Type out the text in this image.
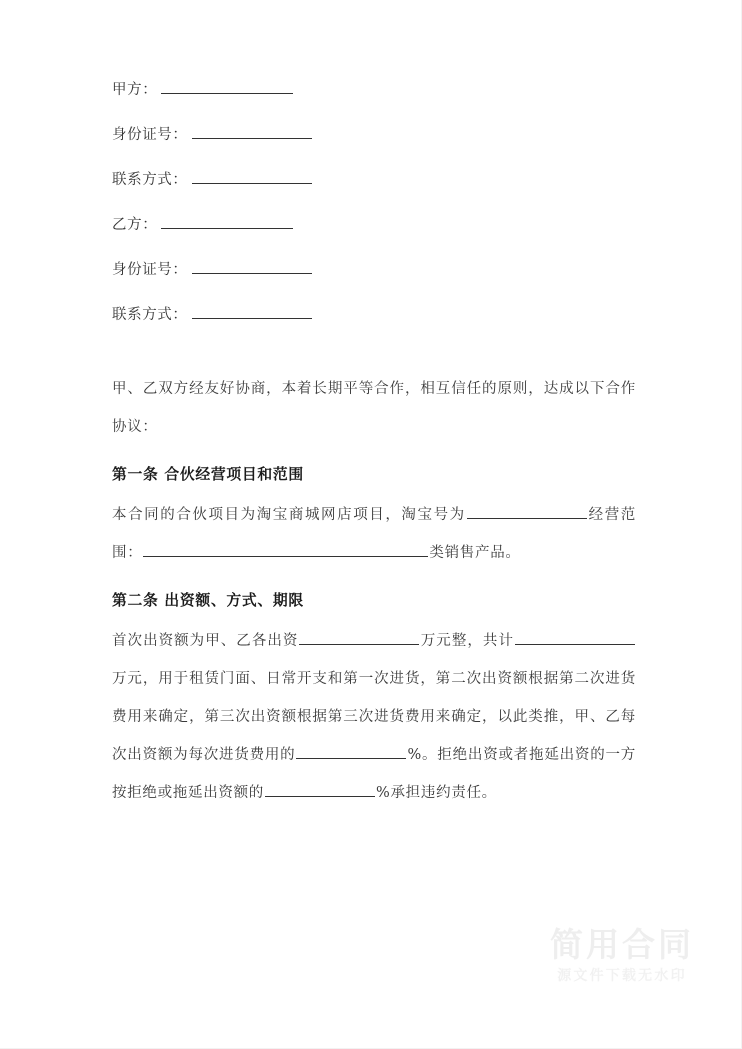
甲方：
身份证号：
联系方式：
乙方：
身份证号：
联系方式：

甲、乙双方经友好协商，本着长期平等合作，相互信任的原则，达成以下合作协议：

第一条 合伙经营项目和范围

本合同的合伙项目为淘宝商城网店项目，淘宝号为	经营范围：	类销售产品。

第二条 出资额、方式、期限

首次出资额为甲、乙各出资	万元整，共计万元，用于租赁门面、日常开支和第一次进货，第二次出资额根据第二次进货费用来确定，第三次出资额根据第三次进货费用来确定，以此类推，甲、乙每次出资额为每次进货费用的	%。拒绝出资或者拖延出资的一方按拒绝或拖延出资额的	%承担违约责任。

简用合同
源文件下载无水印
